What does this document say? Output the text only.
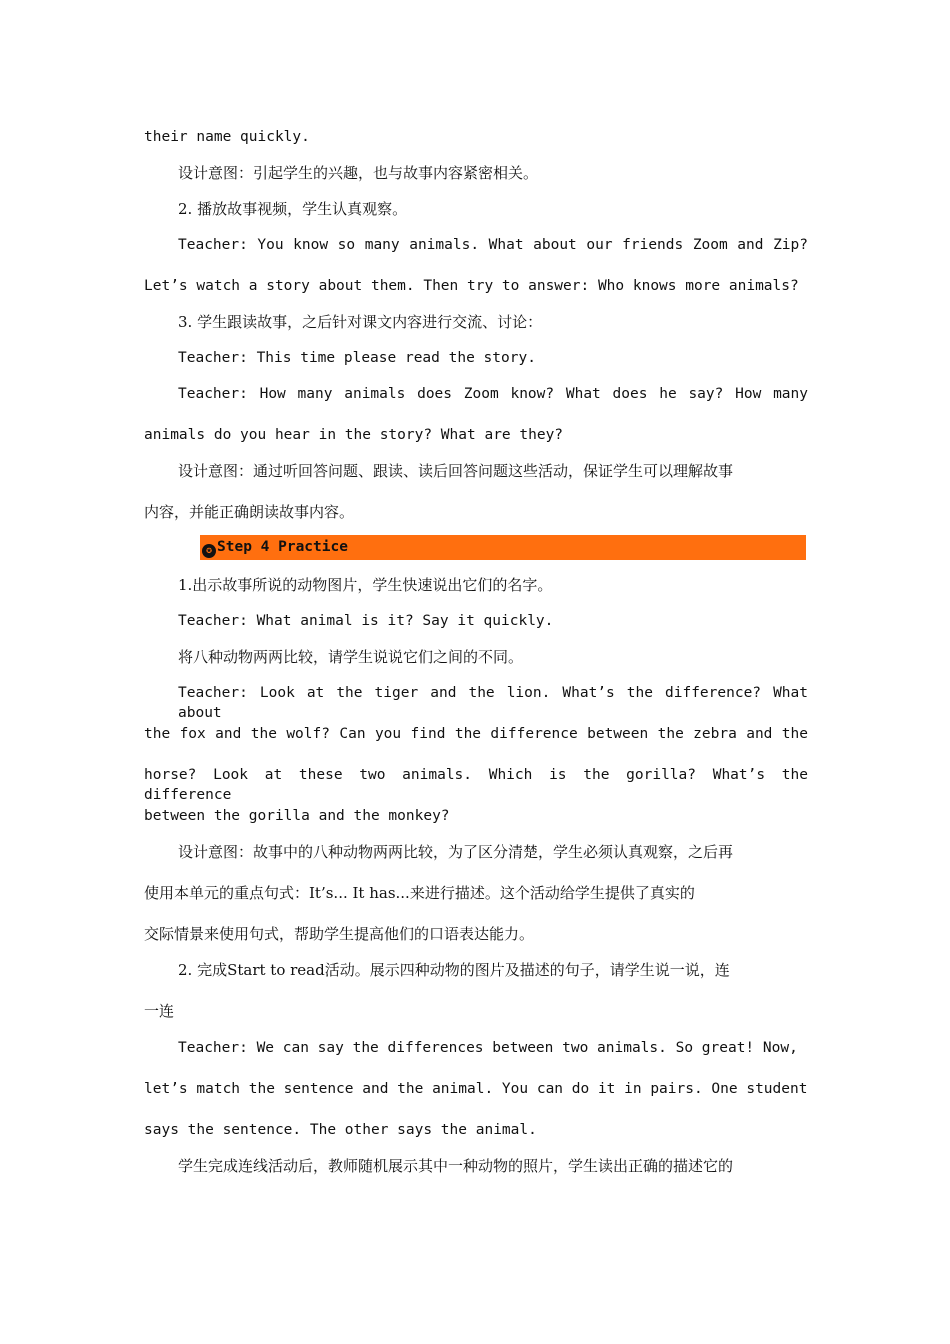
their name quickly.
设计意图：引起学生的兴趣，也与故事内容紧密相关。
2. 播放故事视频，学生认真观察。
Teacher: You know so many animals. What about our friends Zoom and Zip?
Let’s watch a story about them. Then try to answer: Who knows more animals?
3. 学生跟读故事，之后针对课文内容进行交流、讨论：
Teacher: This time please read the story.
Teacher: How many animals does Zoom know? What does he say? How many
animals do you hear in the story? What are they?
设计意图：通过听回答问题、跟读、读后回答问题这些活动，保证学生可以理解故事
内容，并能正确朗读故事内容。
✪ Step 4 Practice
1.出示故事所说的动物图片，学生快速说出它们的名字。
Teacher: What animal is it? Say it quickly.
将八种动物两两比较，请学生说说它们之间的不同。
Teacher: Look at the tiger and the lion. What’s the difference? What about
the fox and the wolf? Can you find the difference between the zebra and the
horse? Look at these two animals. Which is the gorilla? What’s the difference
between the gorilla and the monkey?
设计意图：故事中的八种动物两两比较，为了区分清楚，学生必须认真观察，之后再
使用本单元的重点句式：It’s... It has...来进行描述。这个活动给学生提供了真实的
交际情景来使用句式，帮助学生提高他们的口语表达能力。
2. 完成Start to read活动。展示四种动物的图片及描述的句子，请学生说一说，连
一连
Teacher: We can say the differences between two animals. So great! Now,
let’s match the sentence and the animal. You can do it in pairs. One student
says the sentence. The other says the animal.
学生完成连线活动后，教师随机展示其中一种动物的照片，学生读出正确的描述它的
